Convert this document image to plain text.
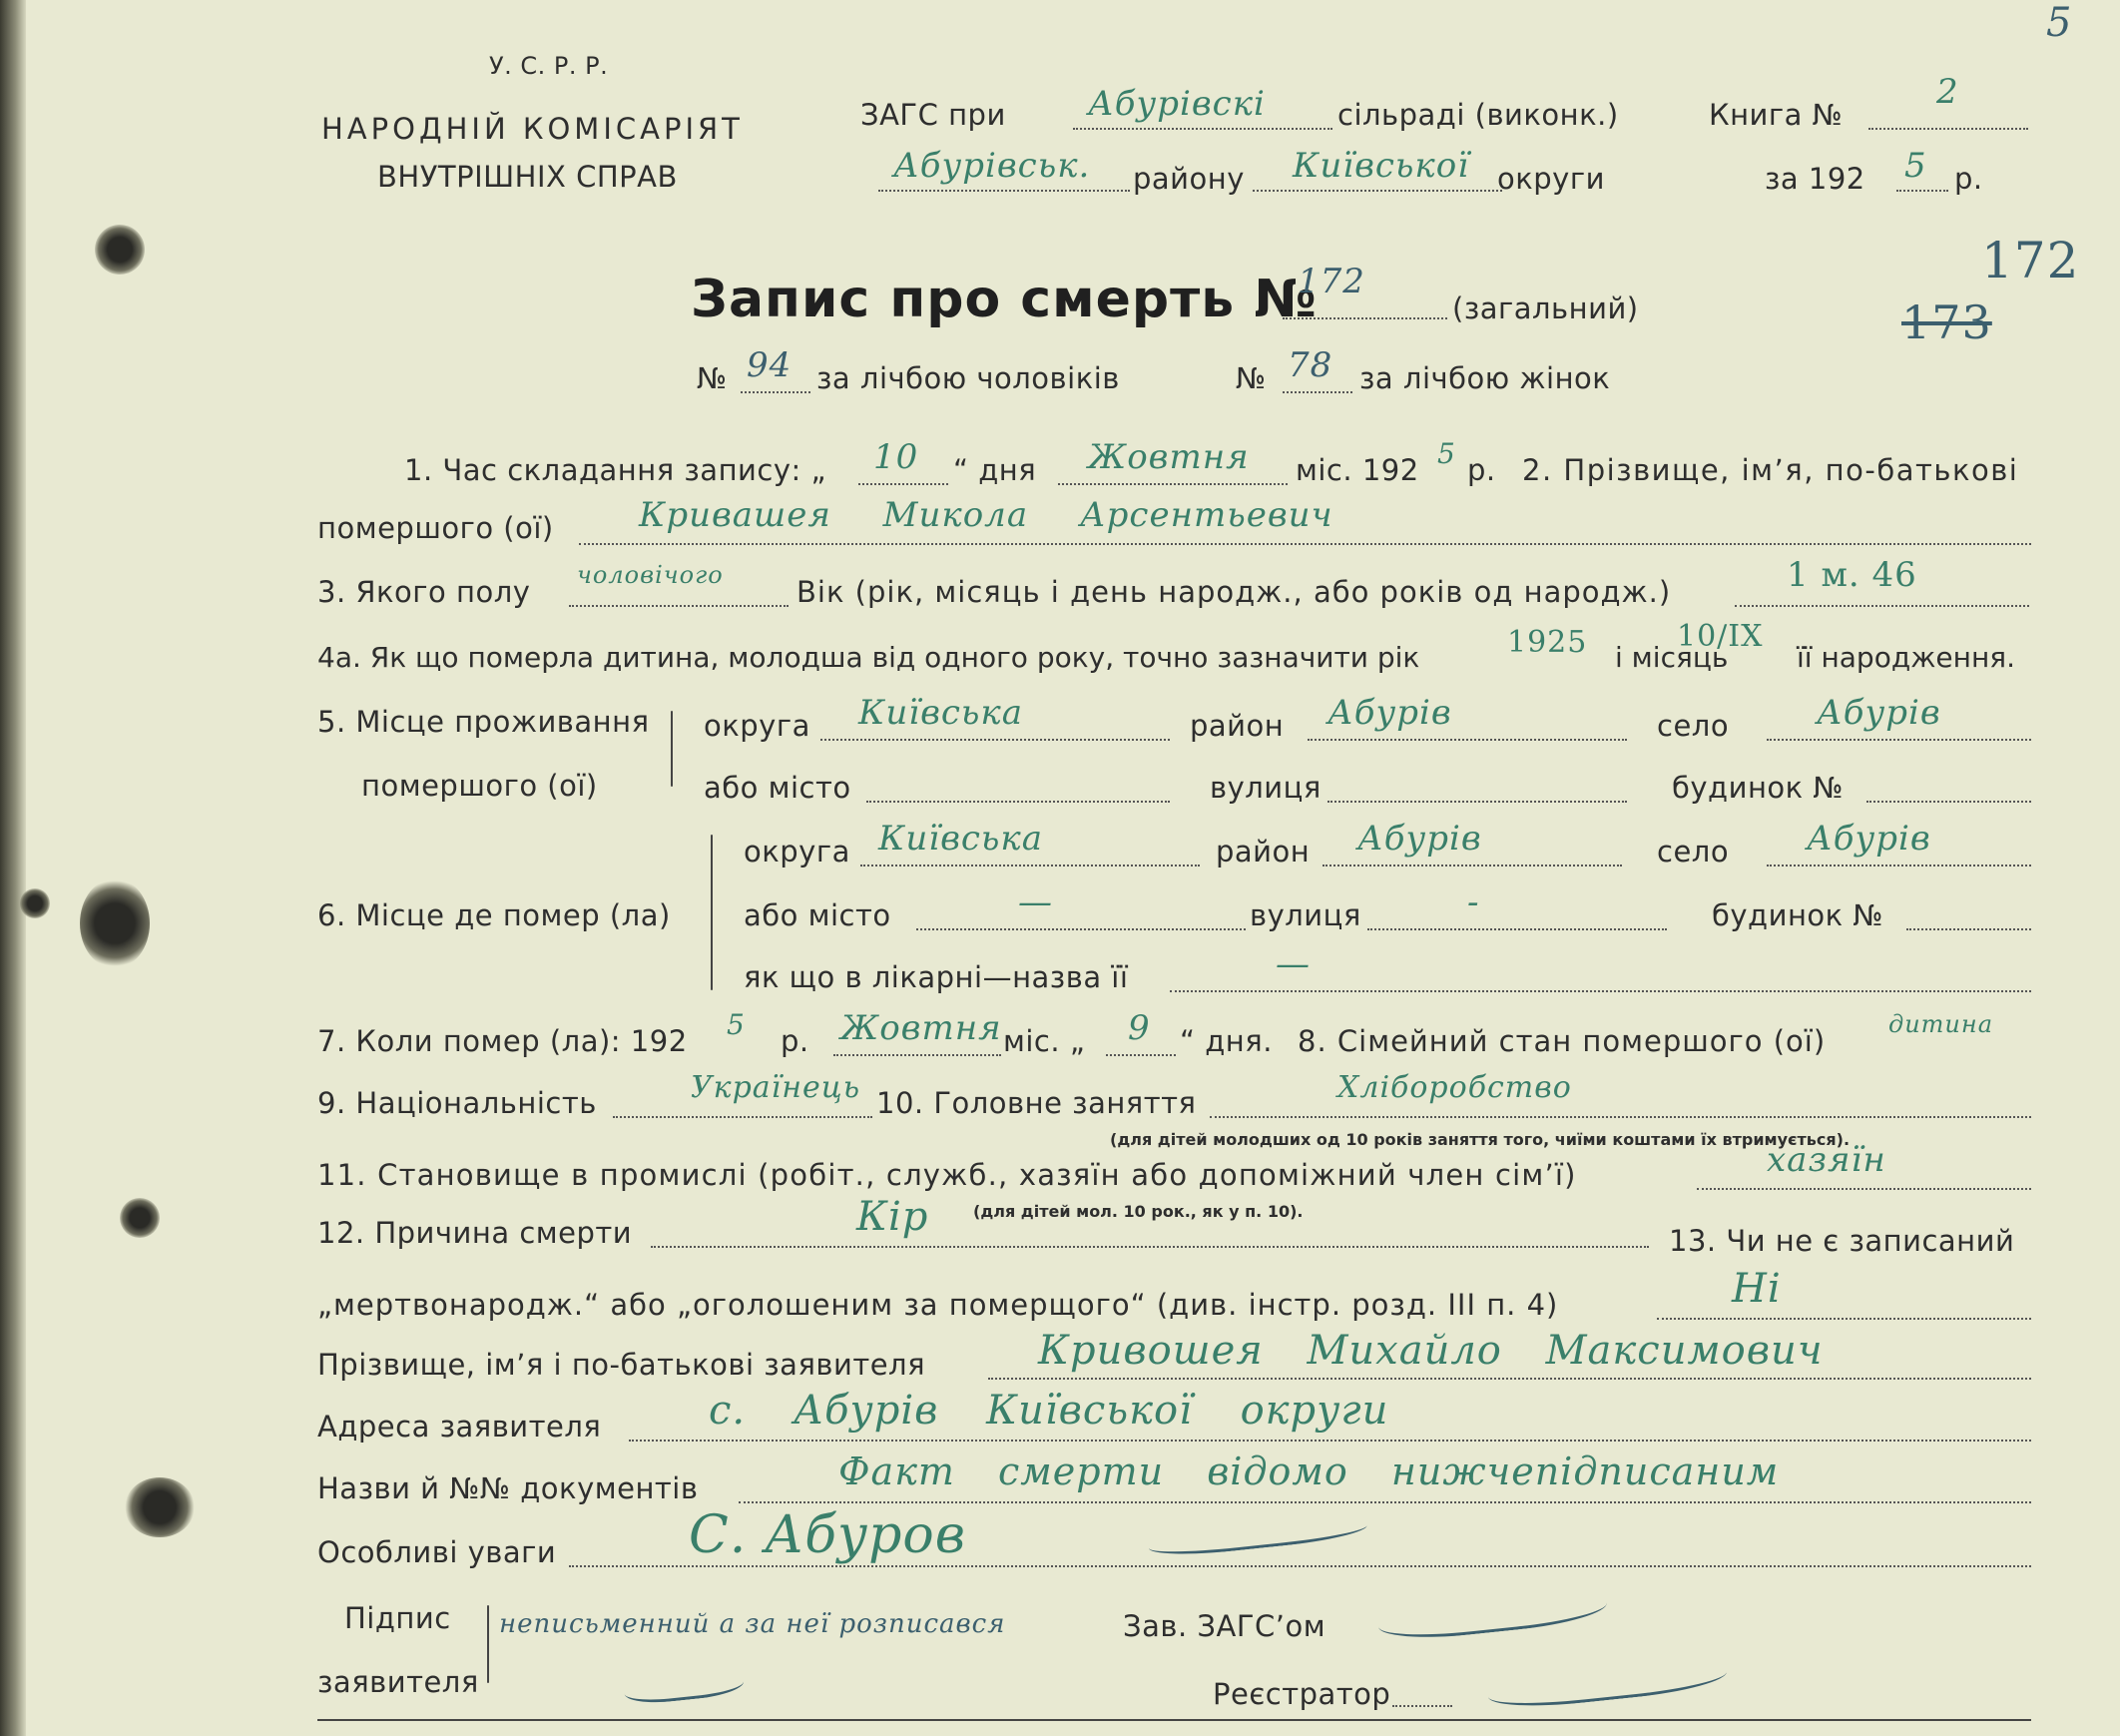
У. С. Р. Р.
НАРОДНІЙ КОМІСАРІЯТ
ВНУТРІШНІХ СПРАВ
ЗАГС при Абурівскі сільраді (виконк.)	Книга №
2
Абурівськ. району Київської округи	за 192 5 р.
5
Запис про смерть №
172
(загальний)
172
173
№ 94 за лічбою чоловіків	№ 78 за лічбою жінок
1. Час складання запису: „ 10 “ дня Жовтня міс. 192 5 р. 2. Прізвище, ім’я, по-батькові
помершого (ої)	Кривашея Микола Арсентьевич
3. Якого полу чоловічого	Вік (рік, місяць і день народж., або років од народж.)	1 м. 46
4a. Як що померла дитина, молодша від одного року, точно зазначити рік	1925 і місяць
10/IX
її народження.
5. Місце проживання
помершого (ої)
округа Київська	район Абурів	село	Абурів
або місто	вулиця	будинок №
округа Київська	район Абурів	село Абурів
6. Місце де помер (ла)	або місто	—	вулиця	-	будинок №
як що в лікарні—назва її	—
7. Коли помер (ла): 192 5 р. Жовтня міс. „ 9 “ дня. 8. Сімейний стан помершого (ої)	дитина
9. Національність	Українець 10. Головне заняття	Хліборобство
(для дітей молодших од 10 років заняття того, чиїми коштами їх втримується).
11. Становище в промислі (робіт., служб., хазяїн або допоміжний член сім’ї)	хазяїн
12. Причина смерти	Кір	(для дітей мол. 10 рок., як у п. 10).
13. Чи не є записаний
„мертвонародж.“ або „оголошеним за померщого“ (див. інстр. розд. III п. 4)	Ні
Прізвище, ім’я і по-батькові заявителя	Кривошея Михайло Максимович
Адреса заявителя	с. Абурів Київської округи
Назви й №№ документів	Факт смерти відомо нижчепідписаним
Особливі уваги	С. Абуров
Підпис
заявителя
неписьменний а за неї розписався	Зав. ЗАГС’ом
Реєстратор
